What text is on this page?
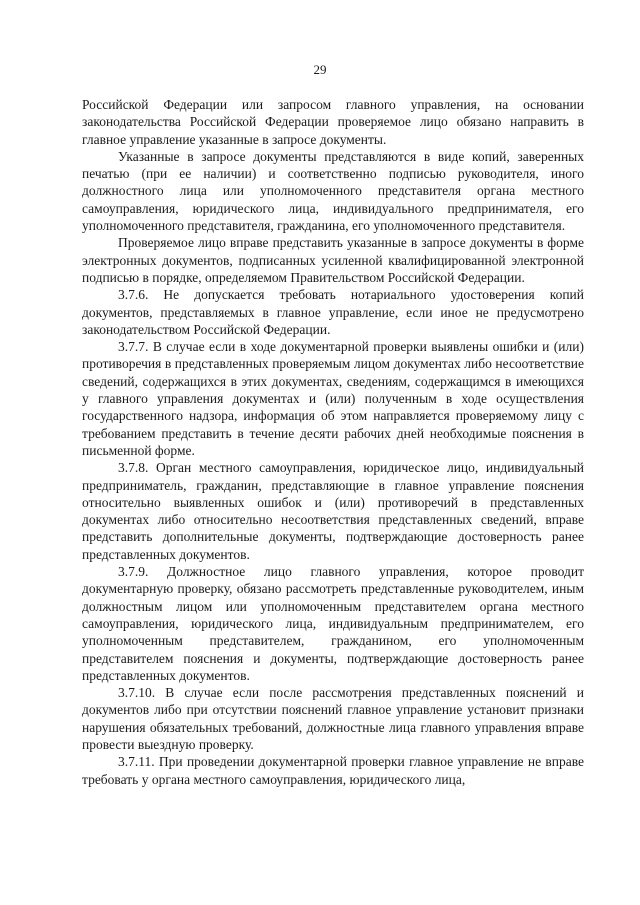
29

Российской Федерации или запросом главного управления, на основании законодательства Российской Федерации проверяемое лицо обязано направить в главное управление указанные в запросе документы.

Указанные в запросе документы представляются в виде копий, заверенных печатью (при ее наличии) и соответственно подписью руководителя, иного должностного лица или уполномоченного представителя органа местного самоуправления, юридического лица, индивидуального предпринимателя, его уполномоченного представителя, гражданина, его уполномоченного представителя.

Проверяемое лицо вправе представить указанные в запросе документы в форме электронных документов, подписанных усиленной квалифицированной электронной подписью в порядке, определяемом Правительством Российской Федерации.

3.7.6. Не допускается требовать нотариального удостоверения копий документов, представляемых в главное управление, если иное не предусмотрено законодательством Российской Федерации.

3.7.7. В случае если в ходе документарной проверки выявлены ошибки и (или) противоречия в представленных проверяемым лицом документах либо несоответствие сведений, содержащихся в этих документах, сведениям, содержащимся в имеющихся у главного управления документах и (или) полученным в ходе осуществления государственного надзора, информация об этом направляется проверяемому лицу с требованием представить в течение десяти рабочих дней необходимые пояснения в письменной форме.

3.7.8. Орган местного самоуправления, юридическое лицо, индивидуальный предприниматель, гражданин, представляющие в главное управление пояснения относительно выявленных ошибок и (или) противоречий в представленных документах либо относительно несоответствия представленных сведений, вправе представить дополнительные документы, подтверждающие достоверность ранее представленных документов.

3.7.9. Должностное лицо главного управления, которое проводит документарную проверку, обязано рассмотреть представленные руководителем, иным должностным лицом или уполномоченным представителем органа местного самоуправления, юридического лица, индивидуальным предпринимателем, его уполномоченным представителем, гражданином, его уполномоченным представителем пояснения и документы, подтверждающие достоверность ранее представленных документов.

3.7.10. В случае если после рассмотрения представленных пояснений и документов либо при отсутствии пояснений главное управление установит признаки нарушения обязательных требований, должностные лица главного управления вправе провести выездную проверку.

3.7.11. При проведении документарной проверки главное управление не вправе требовать у органа местного самоуправления, юридического лица,
